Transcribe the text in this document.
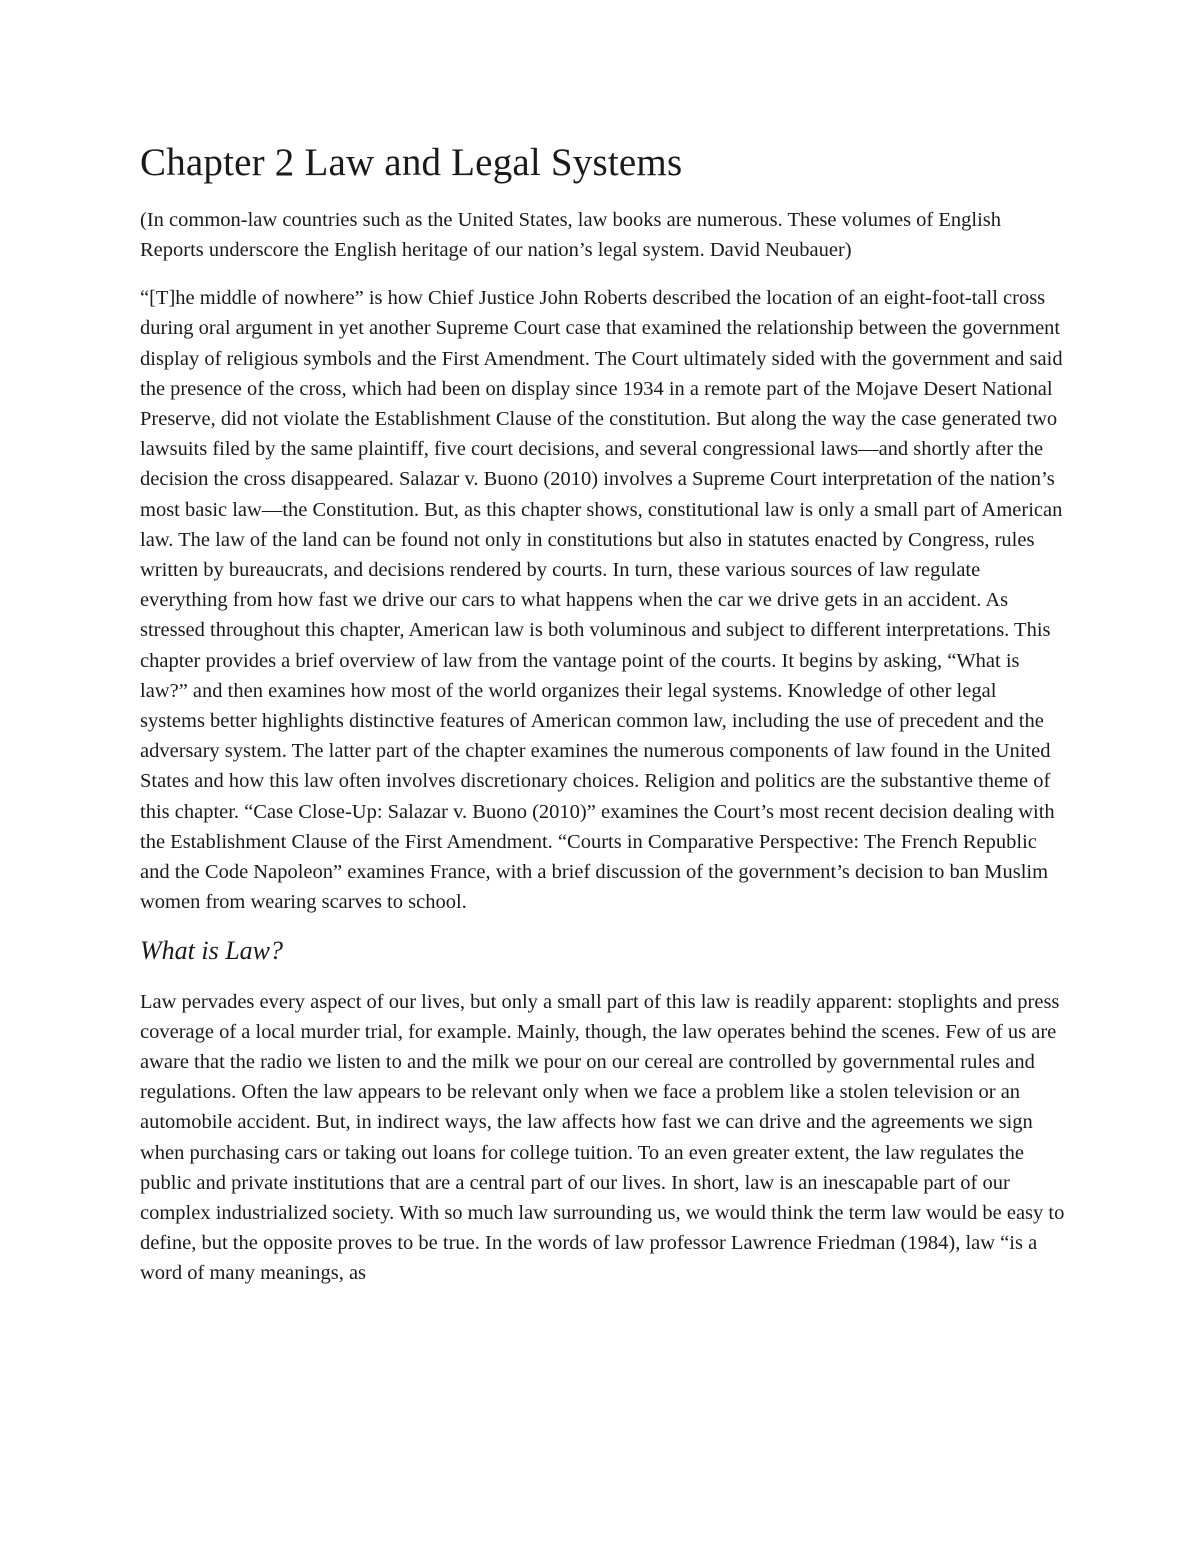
Chapter 2 Law and Legal Systems

(In common-law countries such as the United States, law books are numerous. These volumes of English Reports underscore the English heritage of our nation’s legal system. David Neubauer)

“[T]he middle of nowhere” is how Chief Justice John Roberts described the location of an eight-foot-tall cross during oral argument in yet another Supreme Court case that examined the relationship between the government display of religious symbols and the First Amendment. The Court ultimately sided with the government and said the presence of the cross, which had been on display since 1934 in a remote part of the Mojave Desert National Preserve, did not violate the Establishment Clause of the constitution. But along the way the case generated two lawsuits filed by the same plaintiff, five court decisions, and several congressional laws—and shortly after the decision the cross disappeared. Salazar v. Buono (2010) involves a Supreme Court interpretation of the nation’s most basic law—the Constitution. But, as this chapter shows, constitutional law is only a small part of American law. The law of the land can be found not only in constitutions but also in statutes enacted by Congress, rules written by bureaucrats, and decisions rendered by courts. In turn, these various sources of law regulate everything from how fast we drive our cars to what happens when the car we drive gets in an accident. As stressed throughout this chapter, American law is both voluminous and subject to different interpretations. This chapter provides a brief overview of law from the vantage point of the courts. It begins by asking, “What is law?” and then examines how most of the world organizes their legal systems. Knowledge of other legal systems better highlights distinctive features of American common law, including the use of precedent and the adversary system. The latter part of the chapter examines the numerous components of law found in the United States and how this law often involves discretionary choices. Religion and politics are the substantive theme of this chapter. “Case Close-Up: Salazar v. Buono (2010)” examines the Court’s most recent decision dealing with the Establishment Clause of the First Amendment. “Courts in Comparative Perspective: The French Republic and the Code Napoleon” examines France, with a brief discussion of the government’s decision to ban Muslim women from wearing scarves to school.

What is Law?

Law pervades every aspect of our lives, but only a small part of this law is readily apparent: stoplights and press coverage of a local murder trial, for example. Mainly, though, the law operates behind the scenes. Few of us are aware that the radio we listen to and the milk we pour on our cereal are controlled by governmental rules and regulations. Often the law appears to be relevant only when we face a problem like a stolen television or an automobile accident. But, in indirect ways, the law affects how fast we can drive and the agreements we sign when purchasing cars or taking out loans for college tuition. To an even greater extent, the law regulates the public and private institutions that are a central part of our lives. In short, law is an inescapable part of our complex industrialized society. With so much law surrounding us, we would think the term law would be easy to define, but the opposite proves to be true. In the words of law professor Lawrence Friedman (1984), law “is a word of many meanings, as
